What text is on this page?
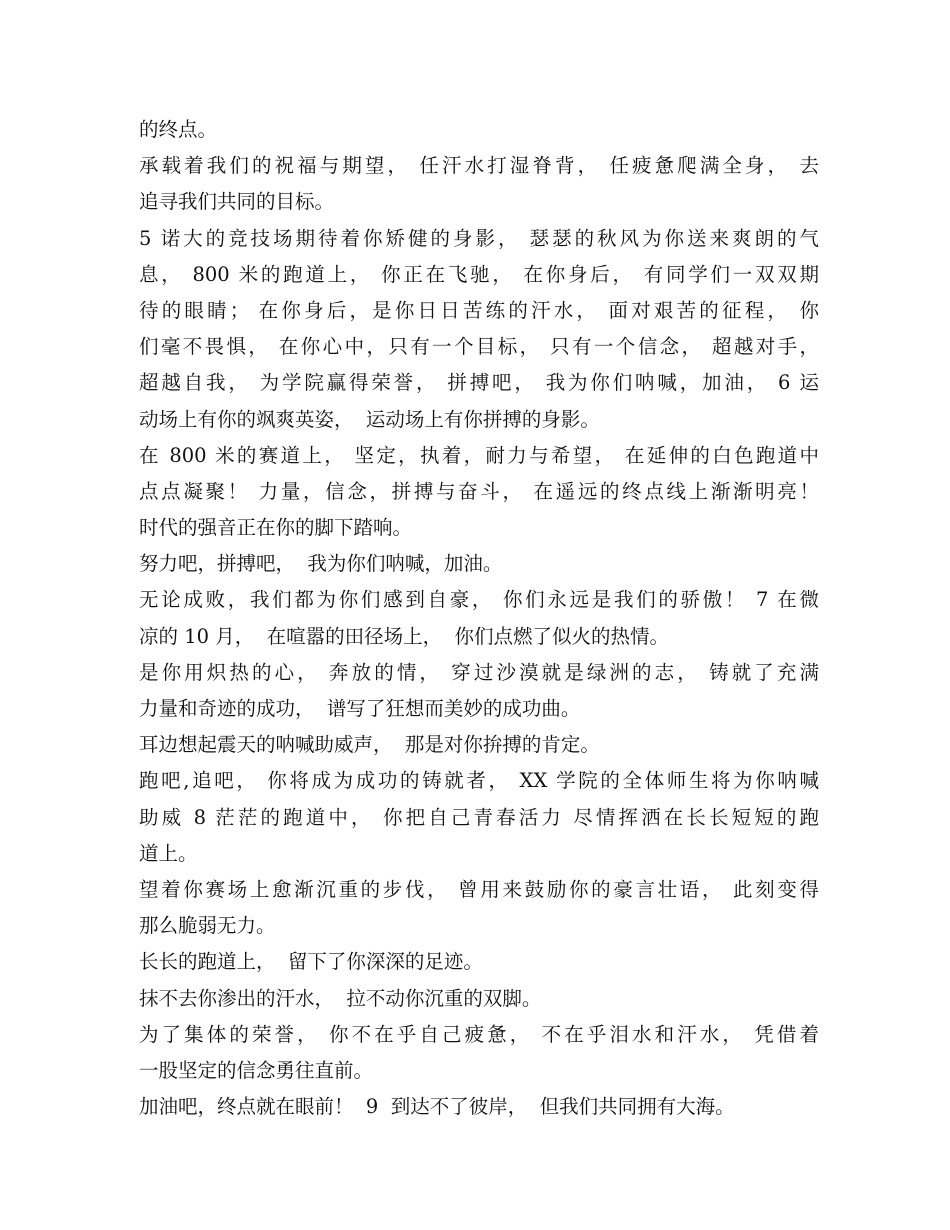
的终点。
承载着我们的祝福与期望， 任汗水打湿脊背， 任疲惫爬满全身， 去
追寻我们共同的目标。
5 诺大的竞技场期待着你矫健的身影， 瑟瑟的秋风为你送来爽朗的气
息， 800 米的跑道上， 你正在飞驰， 在你身后， 有同学们一双双期
待的眼睛； 在你身后，是你日日苦练的汗水， 面对艰苦的征程， 你
们毫不畏惧， 在你心中，只有一个目标， 只有一个信念， 超越对手，
超越自我， 为学院赢得荣誉， 拼搏吧， 我为你们呐喊，加油， 6 运
动场上有你的飒爽英姿，  运动场上有你拼搏的身影。
在 800 米的赛道上， 坚定，执着，耐力与希望， 在延伸的白色跑道中
点点凝聚！ 力量，信念，拼搏与奋斗， 在遥远的终点线上渐渐明亮！
时代的强音正在你的脚下踏响。
努力吧，拼搏吧，  我为你们呐喊，加油。
无论成败，我们都为你们感到自豪， 你们永远是我们的骄傲！ 7 在微
凉的 10 月，  在喧嚣的田径场上，  你们点燃了似火的热情。
是你用炽热的心， 奔放的情， 穿过沙漠就是绿洲的志， 铸就了充满
力量和奇迹的成功，  谱写了狂想而美妙的成功曲。
耳边想起震天的呐喊助威声，  那是对你拚搏的肯定。
跑吧,追吧， 你将成为成功的铸就者， XX 学院的全体师生将为你呐喊
助威 8 茫茫的跑道中， 你把自己青春活力 尽情挥洒在长长短短的跑
道上。
望着你赛场上愈渐沉重的步伐， 曾用来鼓励你的豪言壮语， 此刻变得
那么脆弱无力。
长长的跑道上，  留下了你深深的足迹。
抹不去你渗出的汗水，  拉不动你沉重的双脚。
为了集体的荣誉， 你不在乎自己疲惫， 不在乎泪水和汗水， 凭借着
一股坚定的信念勇往直前。
加油吧，终点就在眼前！  9  到达不了彼岸，  但我们共同拥有大海。
